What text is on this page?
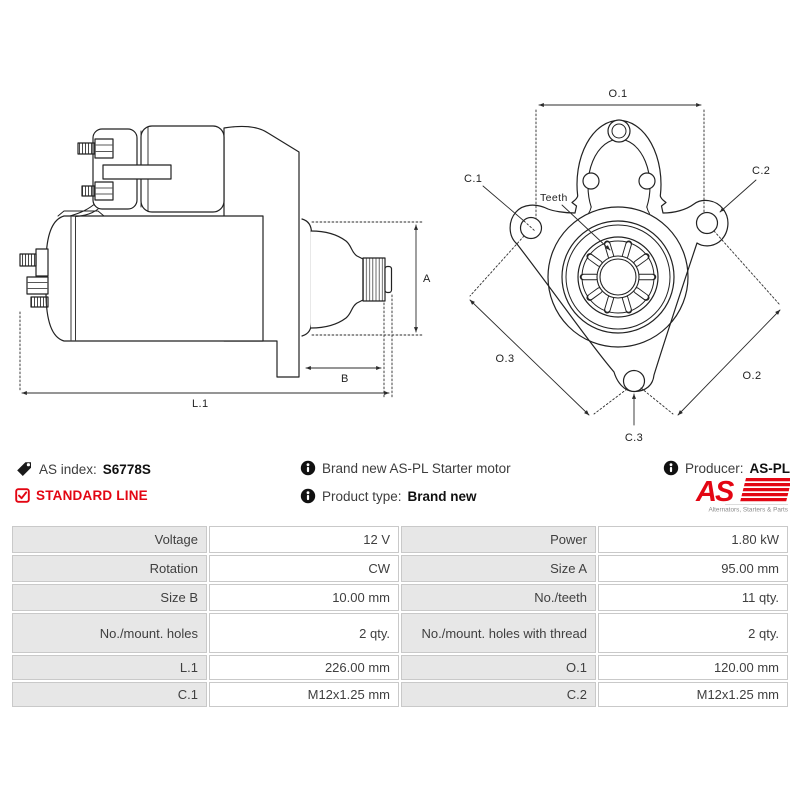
A
B
L.1
O.1
C.1
C.2
Teeth
O.3
O.2
C.3
AS index: S6778S	Brand new AS-PL Starter motor	Producer: AS-PL
STANDARD LINE	Product type: Brand new	AS
Alternators, Starters & Parts
Voltage	12 V	Power	1.80 kW
Rotation	CW	Size A	95.00 mm
Size B	10.00 mm	No./teeth	11 qty.
No./mount. holes	2 qty.	No./mount. holes with thread	2 qty.
L.1	226.00 mm	O.1	120.00 mm
C.1	M12x1.25 mm	C.2	M12x1.25 mm
